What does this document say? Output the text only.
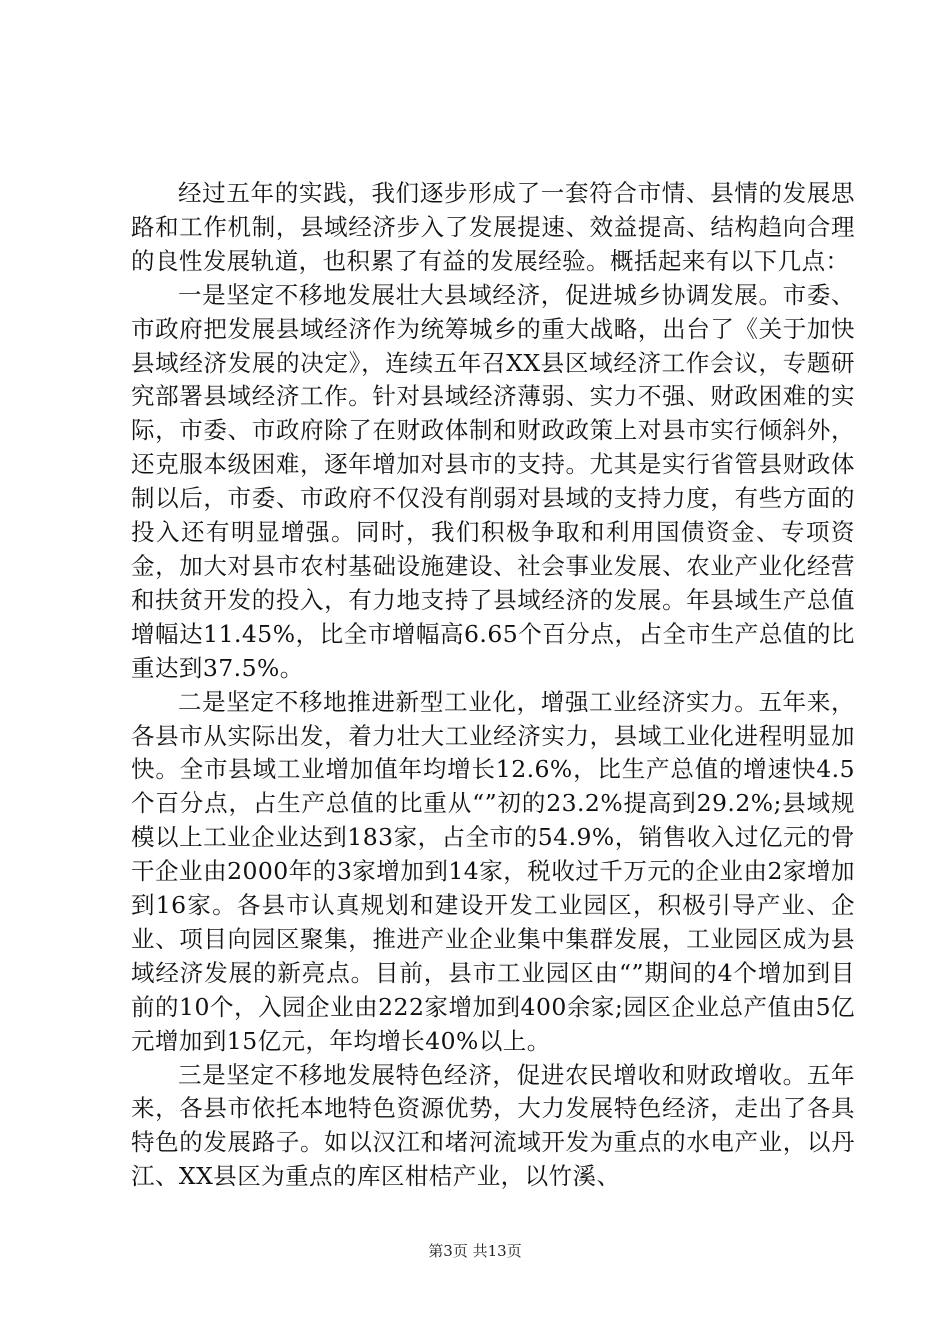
经过五年的实践，我们逐步形成了一套符合市情、县情的发展思路和工作机制，县域经济步入了发展提速、效益提高、结构趋向合理的良性发展轨道，也积累了有益的发展经验。概括起来有以下几点：

一是坚定不移地发展壮大县域经济，促进城乡协调发展。市委、市政府把发展县域经济作为统筹城乡的重大战略，出台了《关于加快县域经济发展的决定》，连续五年召XX县区域经济工作会议，专题研究部署县域经济工作。针对县域经济薄弱、实力不强、财政困难的实际，市委、市政府除了在财政体制和财政政策上对县市实行倾斜外，还克服本级困难，逐年增加对县市的支持。尤其是实行省管县财政体制以后，市委、市政府不仅没有削弱对县域的支持力度，有些方面的投入还有明显增强。同时，我们积极争取和利用国债资金、专项资金，加大对县市农村基础设施建设、社会事业发展、农业产业化经营和扶贫开发的投入，有力地支持了县域经济的发展。年县域生产总值增幅达11.45%，比全市增幅高6.65个百分点，占全市生产总值的比重达到37.5%。

二是坚定不移地推进新型工业化，增强工业经济实力。五年来，各县市从实际出发，着力壮大工业经济实力，县域工业化进程明显加快。全市县域工业增加值年均增长12.6%，比生产总值的增速快4.5个百分点，占生产总值的比重从“”初的23.2%提高到29.2%;县域规模以上工业企业达到183家，占全市的54.9%，销售收入过亿元的骨干企业由2000年的3家增加到14家，税收过千万元的企业由2家增加到16家。各县市认真规划和建设开发工业园区，积极引导产业、企业、项目向园区聚集，推进产业企业集中集群发展，工业园区成为县域经济发展的新亮点。目前，县市工业园区由“”期间的4个增加到目前的10个，入园企业由222家增加到400余家;园区企业总产值由5亿元增加到15亿元，年均增长40%以上。

三是坚定不移地发展特色经济，促进农民增收和财政增收。五年来，各县市依托本地特色资源优势，大力发展特色经济，走出了各具特色的发展路子。如以汉江和堵河流域开发为重点的水电产业，以丹江、XX县区为重点的库区柑桔产业，以竹溪、

第3页 共13页
